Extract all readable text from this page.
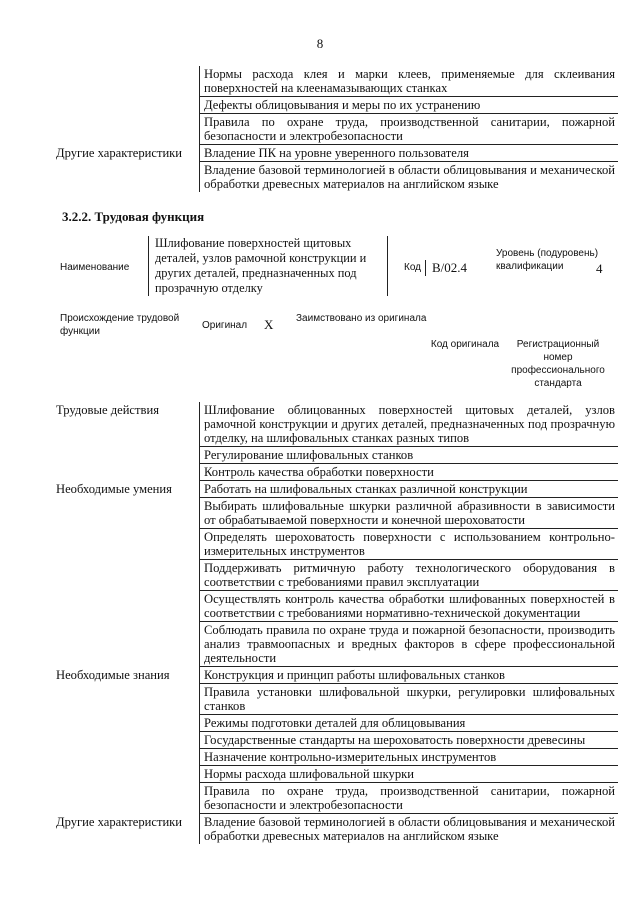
8
	Нормы расхода клея и марки клеев, применяемые для склеивания поверхностей на клеенамазывающих станках
	Дефекты облицовывания и меры по их устранению
	Правила по охране труда, производственной санитарии, пожарной безопасности и электробезопасности
Другие характеристики	Владение ПК на уровне уверенного пользователя
	Владение базовой терминологией в области облицовывания и механической обработки древесных материалов на английском языке
3.2.2. Трудовая функция
Наименование
Шлифование поверхностей щитовых деталей, узлов рамочной конструкции и других деталей, предназначенных под прозрачную отделку
Код B/02.4
Уровень (подуровень) квалификации	4
Происхождение трудовой функции
Оригинал X Заимствовано из оригинала
Код оригинала	Регистрационный номер профессионального стандарта
Трудовые действия	Шлифование облицованных поверхностей щитовых деталей, узлов рамочной конструкции и других деталей, предназначенных под прозрачную отделку, на шлифовальных станках разных типов
	Регулирование шлифовальных станков
	Контроль качества обработки поверхности
Необходимые умения	Работать на шлифовальных станках различной конструкции
	Выбирать шлифовальные шкурки различной абразивности в зависимости от обрабатываемой поверхности и конечной шероховатости
	Определять шероховатость поверхности с использованием контрольно-измерительных инструментов
	Поддерживать ритмичную работу технологического оборудования в соответствии с требованиями правил эксплуатации
	Осуществлять контроль качества обработки шлифованных поверхностей в соответствии с требованиями нормативно-технической документации
	Соблюдать правила по охране труда и пожарной безопасности, производить анализ травмоопасных и вредных факторов в сфере профессиональной деятельности
Необходимые знания	Конструкция и принцип работы шлифовальных станков
	Правила установки шлифовальной шкурки, регулировки шлифовальных станков
	Режимы подготовки деталей для облицовывания
	Государственные стандарты на шероховатость поверхности древесины
	Назначение контрольно-измерительных инструментов
	Нормы расхода шлифовальной шкурки
	Правила по охране труда, производственной санитарии, пожарной безопасности и электробезопасности
Другие характеристики	Владение базовой терминологией в области облицовывания и механической обработки древесных материалов на английском языке
